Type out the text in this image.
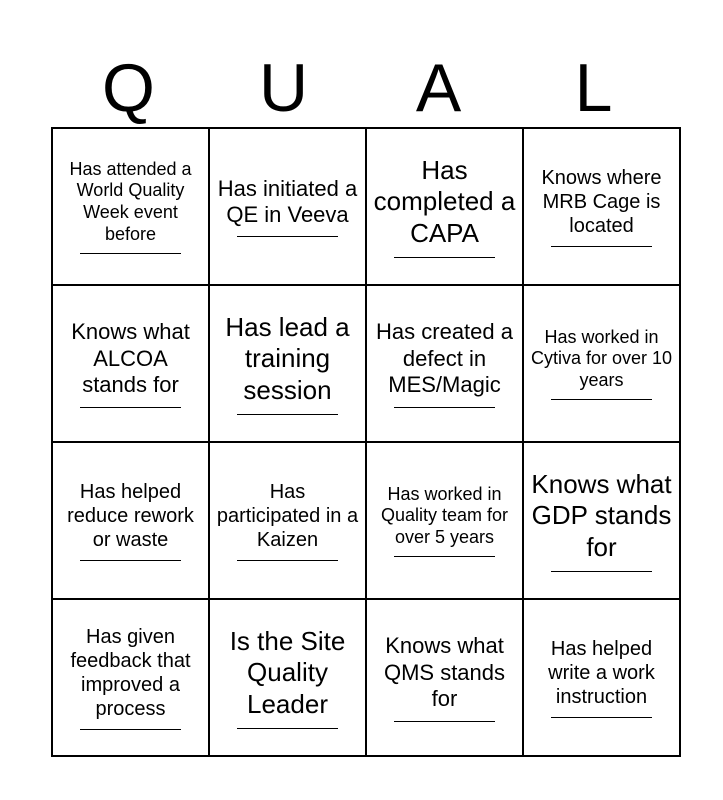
Q	U	A	L
Has attended a World Quality Week event before	Has initiated a QE in Veeva	Has completed a CAPA	Knows where MRB Cage is located

Knows what ALCOA stands for	Has lead a training session	Has created a defect in MES/Magic	Has worked in Cytiva for over 10 years

Has helped reduce rework or waste	Has participated in a Kaizen	Has worked in Quality team for over 5 years	Knows what GDP stands for

Has given feedback that improved a process	Is the Site Quality Leader	Knows what QMS stands for	Has helped write a work instruction
